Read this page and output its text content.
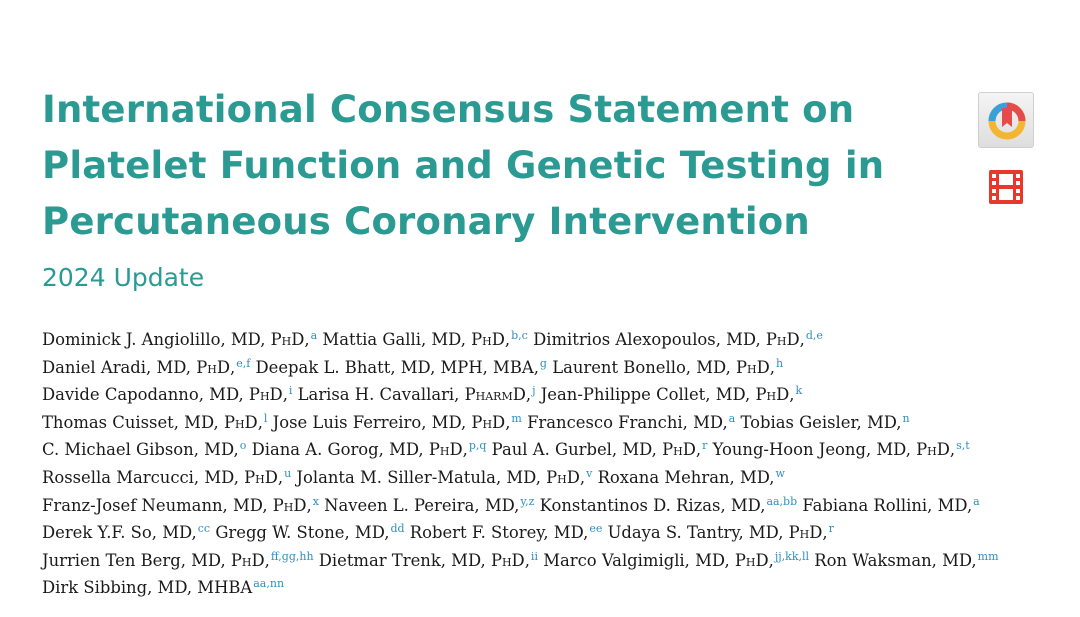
International Consensus Statement on
Platelet Function and Genetic Testing in
Percutaneous Coronary Intervention
2024 Update
Dominick J. Angiolillo, MD, PhD,$^a$ Mattia Galli, MD, PhD,$^{b,c}$ Dimitrios Alexopoulos, MD, PhD,$^{d,e}$
Daniel Aradi, MD, PhD,$^{e,f}$ Deepak L. Bhatt, MD, MPH, MBA,$^g$ Laurent Bonello, MD, PhD,$^h$
Davide Capodanno, MD, PhD,$^i$ Larisa H. Cavallari, PharmD,$^j$ Jean-Philippe Collet, MD, PhD,$^k$
Thomas Cuisset, MD, PhD,$^l$ Jose Luis Ferreiro, MD, PhD,$^m$ Francesco Franchi, MD,$^a$ Tobias Geisler, MD,$^n$
C. Michael Gibson, MD,$^o$ Diana A. Gorog, MD, PhD,$^{p,q}$ Paul A. Gurbel, MD, PhD,$^r$ Young-Hoon Jeong, MD, PhD,$^{s,t}$
Rossella Marcucci, MD, PhD,$^u$ Jolanta M. Siller-Matula, MD, PhD,$^v$ Roxana Mehran, MD,$^w$
Franz-Josef Neumann, MD, PhD,$^x$ Naveen L. Pereira, MD,$^{y,z}$ Konstantinos D. Rizas, MD,$^{aa,bb}$ Fabiana Rollini, MD,$^a$
Derek Y.F. So, MD,$^{cc}$ Gregg W. Stone, MD,$^{dd}$ Robert F. Storey, MD,$^{ee}$ Udaya S. Tantry, MD, PhD,$^r$
Jurrien Ten Berg, MD, PhD,$^{ff,gg,hh}$ Dietmar Trenk, MD, PhD,$^{ii}$ Marco Valgimigli, MD, PhD,$^{jj,kk,ll}$ Ron Waksman, MD,$^{mm}$
Dirk Sibbing, MD, MHBA$^{aa,nn}$
